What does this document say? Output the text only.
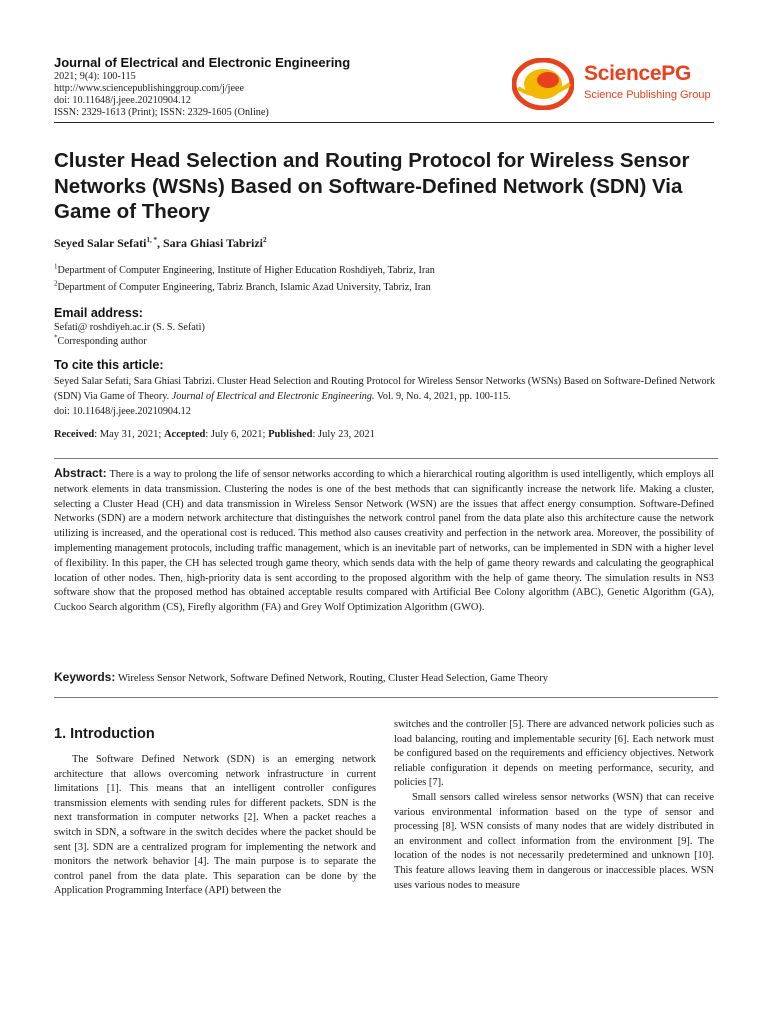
Journal of Electrical and Electronic Engineering
2021; 9(4): 100-115
http://www.sciencepublishinggroup.com/j/jeee
doi: 10.11648/j.jeee.20210904.12
ISSN: 2329-1613 (Print); ISSN: 2329-1605 (Online)
SciencePG
Science Publishing Group
Cluster Head Selection and Routing Protocol for Wireless Sensor Networks (WSNs) Based on Software-Defined Network (SDN) Via Game of Theory
Seyed Salar Sefati$^{1, *}$, Sara Ghiasi Tabrizi$^2$
$^1$Department of Computer Engineering, Institute of Higher Education Roshdiyeh, Tabriz, Iran
$^2$Department of Computer Engineering, Tabriz Branch, Islamic Azad University, Tabriz, Iran
Email address:
Sefati@ roshdiyeh.ac.ir (S. S. Sefati)
*Corresponding author
To cite this article:
Seyed Salar Sefati, Sara Ghiasi Tabrizi. Cluster Head Selection and Routing Protocol for Wireless Sensor Networks (WSNs) Based on Software-Defined Network (SDN) Via Game of Theory. Journal of Electrical and Electronic Engineering. Vol. 9, No. 4, 2021, pp. 100-115.
doi: 10.11648/j.jeee.20210904.12
Received: May 31, 2021; Accepted: July 6, 2021; Published: July 23, 2021
Abstract: There is a way to prolong the life of sensor networks according to which a hierarchical routing algorithm is used intelligently, which employs all network elements in data transmission. Clustering the nodes is one of the best methods that can significantly increase the network life. Making a cluster, selecting a Cluster Head (CH) and data transmission in Wireless Sensor Network (WSN) are the issues that affect energy consumption. Software-Defined Networks (SDN) are a modern network architecture that distinguishes the network control panel from the data plate also this architecture cause the network utilizing is increased, and the operational cost is reduced. This method also causes creativity and perfection in the network area. Moreover, the possibility of implementing management protocols, including traffic management, which is an inevitable part of networks, can be implemented in SDN with a higher level of flexibility. In this paper, the CH has selected trough game theory, which sends data with the help of game theory rewards and calculating the geographical location of other nodes. Then, high-priority data is sent according to the proposed algorithm with the help of game theory. The simulation results in NS3 software show that the proposed method has obtained acceptable results compared with Artificial Bee Colony algorithm (ABC), Genetic Algorithm (GA), Cuckoo Search algorithm (CS), Firefly algorithm (FA) and Grey Wolf Optimization Algorithm (GWO).
Keywords: Wireless Sensor Network, Software Defined Network, Routing, Cluster Head Selection, Game Theory
1. Introduction

The Software Defined Network (SDN) is an emerging network architecture that allows overcoming network infrastructure in current limitations [1]. This means that an intelligent controller configures transmission elements with sending rules for different packets. SDN is the next transformation in computer networks [2]. When a packet reaches a switch in SDN, a software in the switch decides where the packet should be sent [3]. SDN are a centralized program for implementing the network and monitors the network behavior [4]. The main purpose is to separate the control panel from the data plate. This separation can be done by the Application Programming Interface (API) between the

switches and the controller [5]. There are advanced network policies such as load balancing, routing and implementable security [6]. Each network must be configured based on the requirements and efficiency objectives. Network reliable configuration it depends on meeting performance, security, and policies [7].

Small sensors called wireless sensor networks (WSN) that can receive various environmental information based on the type of sensor and processing [8]. WSN consists of many nodes that are widely distributed in an environment and collect information from the environment [9]. The location of the nodes is not necessarily predetermined and unknown [10]. This feature allows leaving them in dangerous or inaccessible places. WSN uses various nodes to measure
